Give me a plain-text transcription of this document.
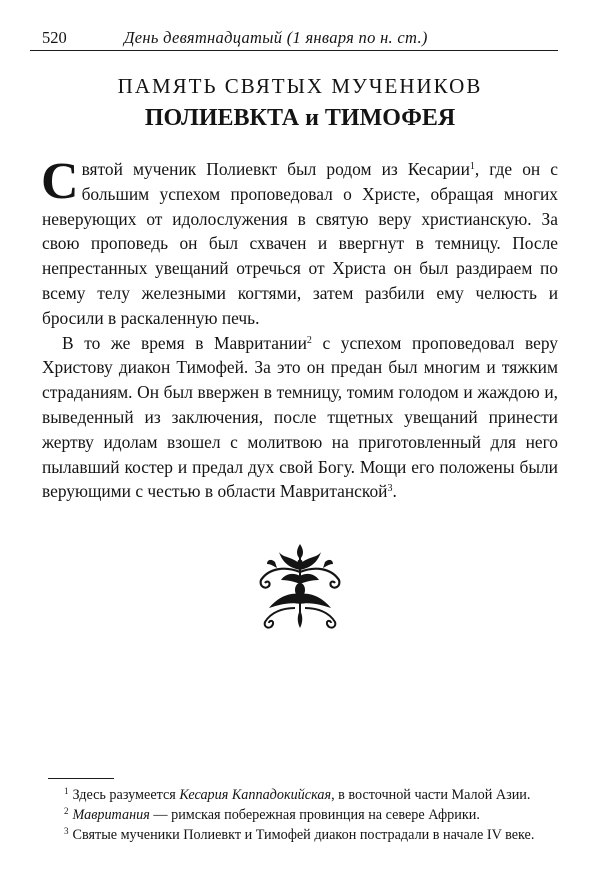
520	День девятнадцатый (1 января по н. ст.)
ПАМЯТЬ СВЯТЫХ МУЧЕНИКОВ
ПОЛИЕВКТА и ТИМОФЕЯ

Святой мученик Полиевкт был родом из Кесарии$^1$, где он с большим успехом проповедовал о Христе, обращая многих неверующих от идолослужения в святую веру христианскую. За свою проповедь он был схвачен и ввергнут в темницу. После непрестанных увещаний отречься от Христа он был раздираем по всему телу железными когтями, затем разбили ему челюсть и бросили в раскаленную печь.

В то же время в Мавритании$^2$ с успехом проповедовал веру Христову диакон Тимофей. За это он предан был многим и тяжким страданиям. Он был ввержен в темницу, томим голодом и жаждою и, выведенный из заключения, после тщетных увещаний принести жертву идолам взошел с молитвою на приготовленный для него пылавший костер и предал дух свой Богу. Мощи его положены были верующими с честью в области Мавританской$^3$.

$^1$ Здесь разумеется Кесария Каппадокийская, в восточной части Малой Азии.
$^2$ Мавритания — римская побережная провинция на севере Африки.
$^3$ Святые мученики Полиевкт и Тимофей диакон пострадали в начале IV веке.
